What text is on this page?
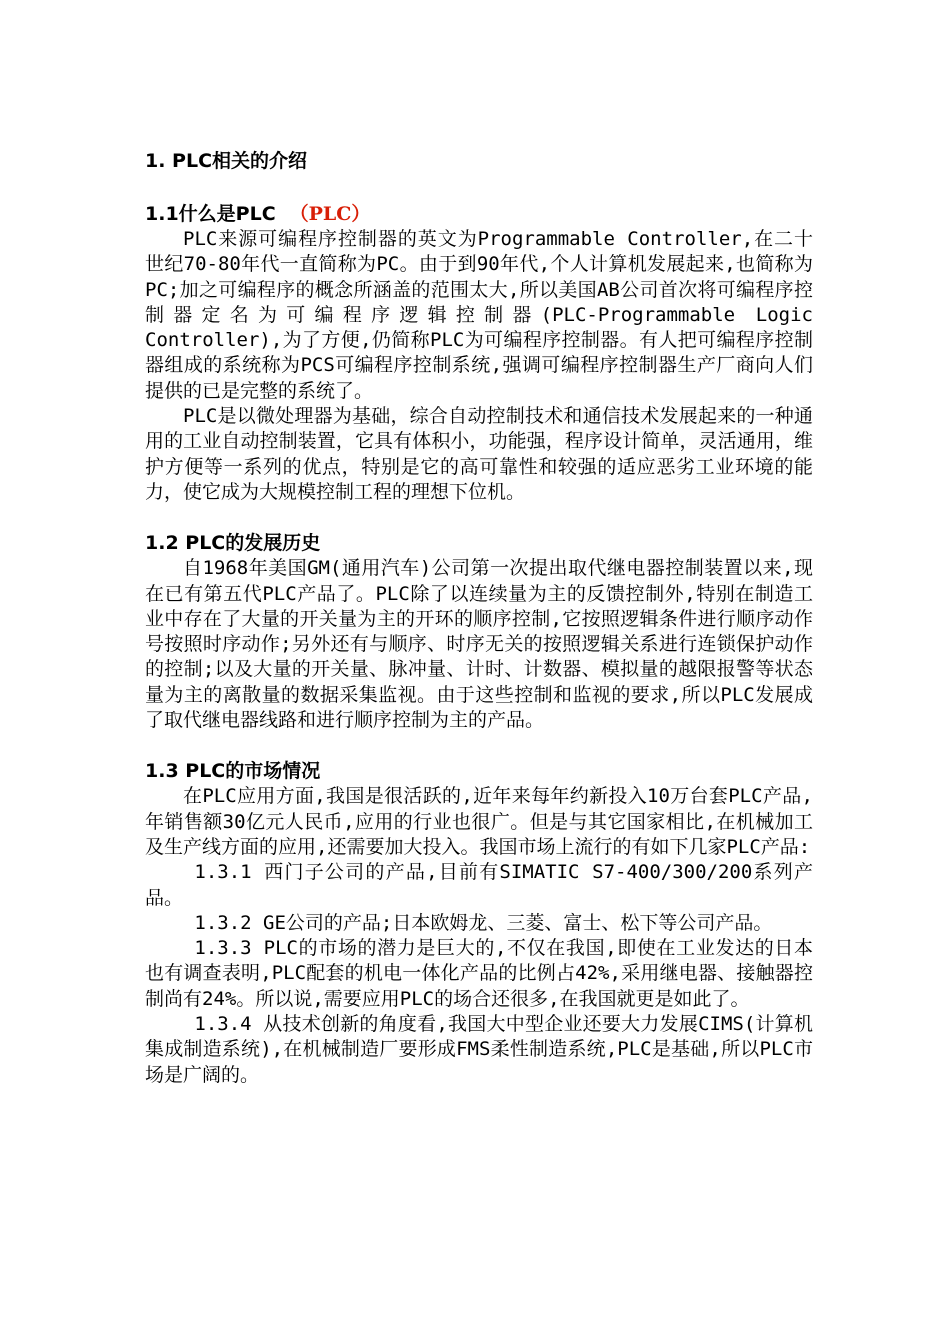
1. PLC相关的介绍
1.1什么是PLC （PLC）

PLC来源可编程序控制器的英文为Programmable Controller,在二十世纪70-80年代一直简称为PC。由于到90年代,个人计算机发展起来,也简称为PC;加之可编程序的概念所涵盖的范围太大,所以美国AB公司首次将可编程序控制器定名为可编程序逻辑控制器(PLC-Programmable Logic Controller),为了方便,仍简称PLC为可编程序控制器。有人把可编程序控制器组成的系统称为PCS可编程序控制系统,强调可编程序控制器生产厂商向人们提供的已是完整的系统了。

PLC是以微处理器为基础，综合自动控制技术和通信技术发展起来的一种通用的工业自动控制装置，它具有体积小，功能强，程序设计简单，灵活通用，维护方便等一系列的优点，特别是它的高可靠性和较强的适应恶劣工业环境的能力，使它成为大规模控制工程的理想下位机。

1.2 PLC的发展历史

自1968年美国GM(通用汽车)公司第一次提出取代继电器控制装置以来,现在已有第五代PLC产品了。PLC除了以连续量为主的反馈控制外,特别在制造工业中存在了大量的开关量为主的开环的顺序控制,它按照逻辑条件进行顺序动作号按照时序动作;另外还有与顺序、时序无关的按照逻辑关系进行连锁保护动作的控制;以及大量的开关量、脉冲量、计时、计数器、模拟量的越限报警等状态量为主的离散量的数据采集监视。由于这些控制和监视的要求,所以PLC发展成了取代继电器线路和进行顺序控制为主的产品。

1.3 PLC的市场情况

在PLC应用方面,我国是很活跃的,近年来每年约新投入10万台套PLC产品,年销售额30亿元人民币,应用的行业也很广。但是与其它国家相比,在机械加工及生产线方面的应用,还需要加大投入。我国市场上流行的有如下几家PLC产品:

1.3.1 西门子公司的产品,目前有SIMATIC S7-400/300/200系列产品。

1.3.2 GE公司的产品;日本欧姆龙、三菱、富士、松下等公司产品。

1.3.3 PLC的市场的潜力是巨大的,不仅在我国,即使在工业发达的日本也有调查表明,PLC配套的机电一体化产品的比例占42%,采用继电器、接触器控制尚有24%。所以说,需要应用PLC的场合还很多,在我国就更是如此了。

1.3.4 从技术创新的角度看,我国大中型企业还要大力发展CIMS(计算机集成制造系统),在机械制造厂要形成FMS柔性制造系统,PLC是基础,所以PLC市场是广阔的。
